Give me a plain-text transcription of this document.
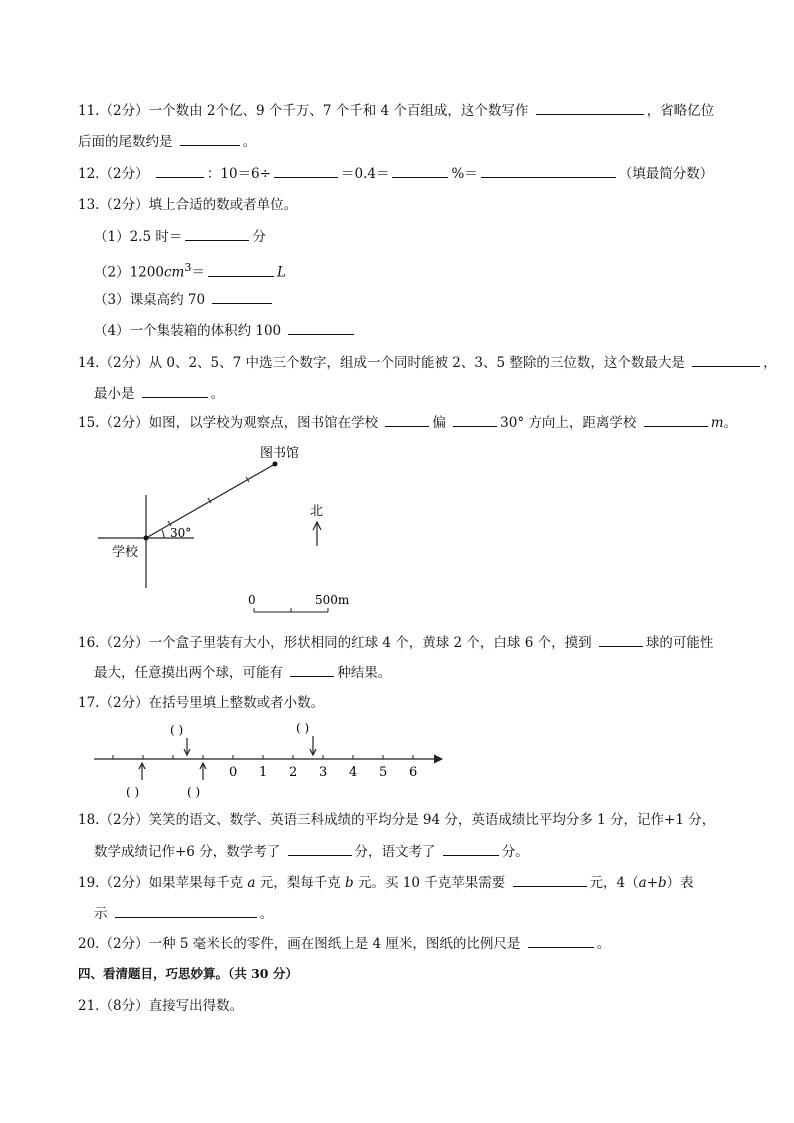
11.（2分）一个数由 2个亿、9 个千万、7 个千和 4 个百组成，这个数写作	，省略亿位
后面的尾数约是	。
12.（2分）	：10＝6÷	＝0.4＝	%＝	（填最简分数）
13.（2分）填上合适的数或者单位。
（1）2.5 时＝	分
$(2)1200cm^3=$	L
（3）课桌高约 70
（4）一个集装箱的体积约 100
14.（2分）从 0、2、5、7 中选三个数字，组成一个同时能被 2、3、5 整除的三位数，这个数最大是	，
最小是	。
15.（2分）如图，以学校为观察点，图书馆在学校	偏	30° 方向上，距离学校	m。
30°
学校
图书馆
北
0	500m
16.（2分）一个盒子里装有大小，形状相同的红球 4 个，黄球 2 个，白球 6 个，摸到	球的可能性
最大，任意摸出两个球，可能有	种结果。
17.（2分）在括号里填上整数或者小数。
0 1 2 3 4 5 6
( )	( )
( )	( )
18.（2分）笑笑的语文、数学、英语三科成绩的平均分是 94 分，英语成绩比平均分多 1 分，记作+1 分，
数学成绩记作+6 分，数学考了	分，语文考了	分。
19.（2分）如果苹果每千克 a 元，梨每千克 b 元。买 10 千克苹果需要	元，4（a+b）表
示	。
20.（2分）一种 5 毫米长的零件，画在图纸上是 4 厘米，图纸的比例尺是	。
四、看清题目，巧思妙算。（共 30 分）
21.（8分）直接写出得数。
